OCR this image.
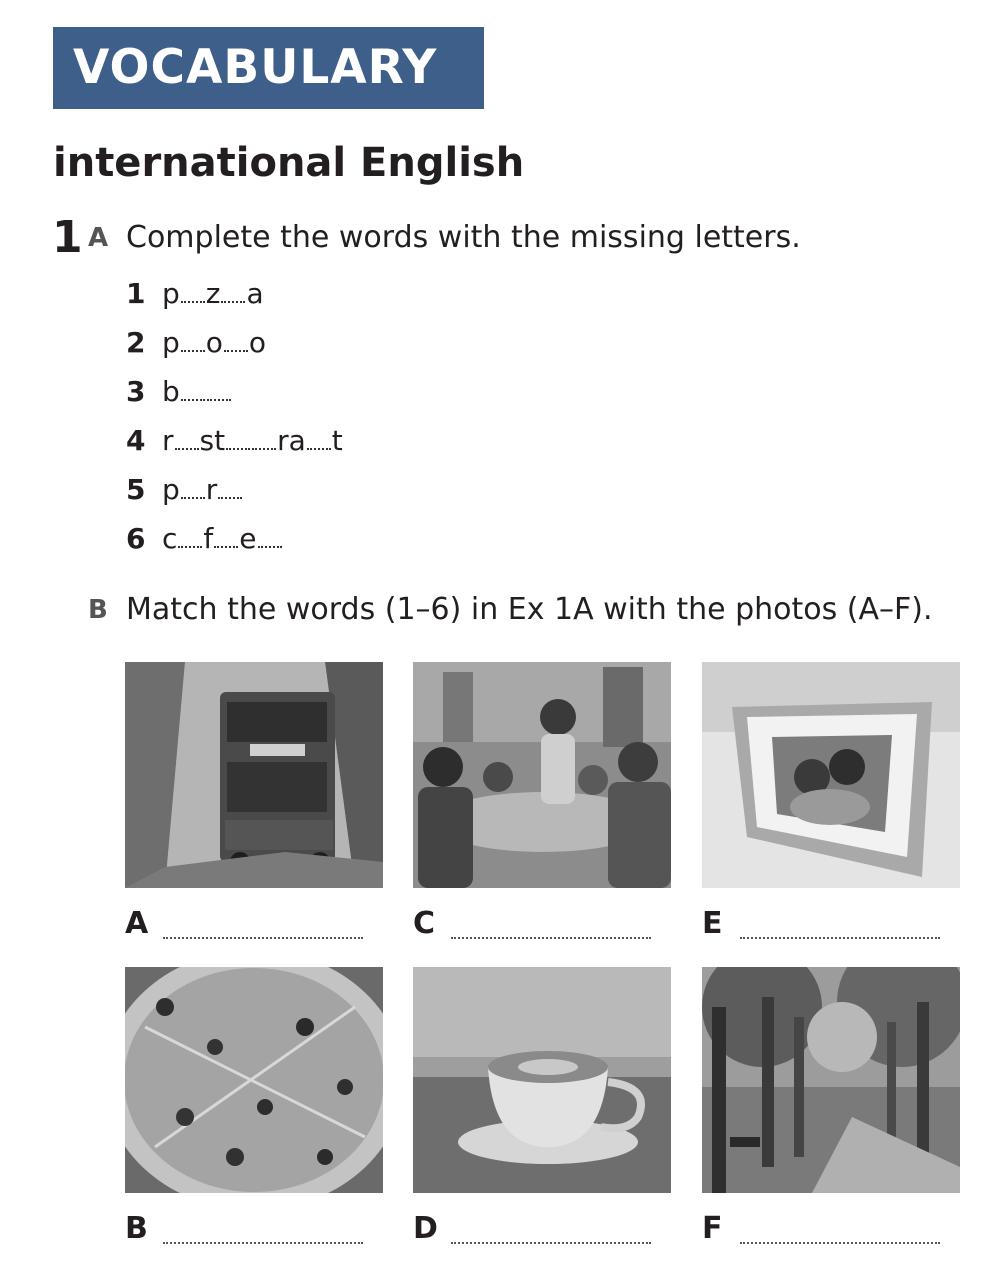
VOCABULARY
international English
1 A Complete the words with the missing letters.
1 p z a
2 p o o
3 b
4 r st ra t
5 p r
6 c f e
B Match the words (1–6) in Ex 1A with the photos (A–F).
A	C	E
B	D	F
